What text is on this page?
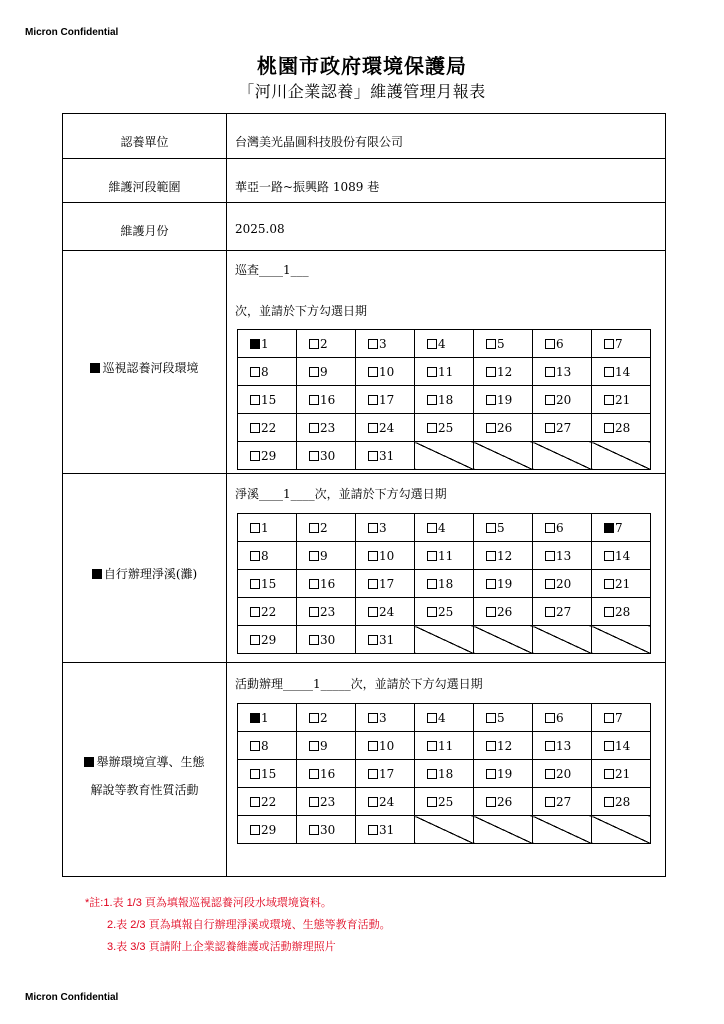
Micron Confidential
桃園市政府環境保護局
「河川企業認養」維護管理月報表
認養單位	台灣美光晶圓科技股份有限公司
維護河段範圍	華亞一路~振興路 1089 巷
維護月份	2025.08
巡視認養河段環境
巡查____1___
次，並請於下方勾選日期
1	2	3	4	5	6	7
8	9	10	11	12	13	14
15	16	17	18	19	20	21
22	23	24	25	26	27	28
29	30	31				
自行辦理淨溪(灘)
淨溪____1____次，並請於下方勾選日期
1	2	3	4	5	6	7
8	9	10	11	12	13	14
15	16	17	18	19	20	21
22	23	24	25	26	27	28
29	30	31				
舉辦環境宣導、生態
解說等教育性質活動
活動辦理_____1_____次，並請於下方勾選日期
1	2	3	4	5	6	7
8	9	10	11	12	13	14
15	16	17	18	19	20	21
22	23	24	25	26	27	28
29	30	31				
*註:1.表 1/3 頁為填報巡視認養河段水域環境資料。
2.表 2/3 頁為填報自行辦理淨溪或環境、生態等教育活動。
3.表 3/3 頁請附上企業認養維護或活動辦理照片
Micron Confidential
